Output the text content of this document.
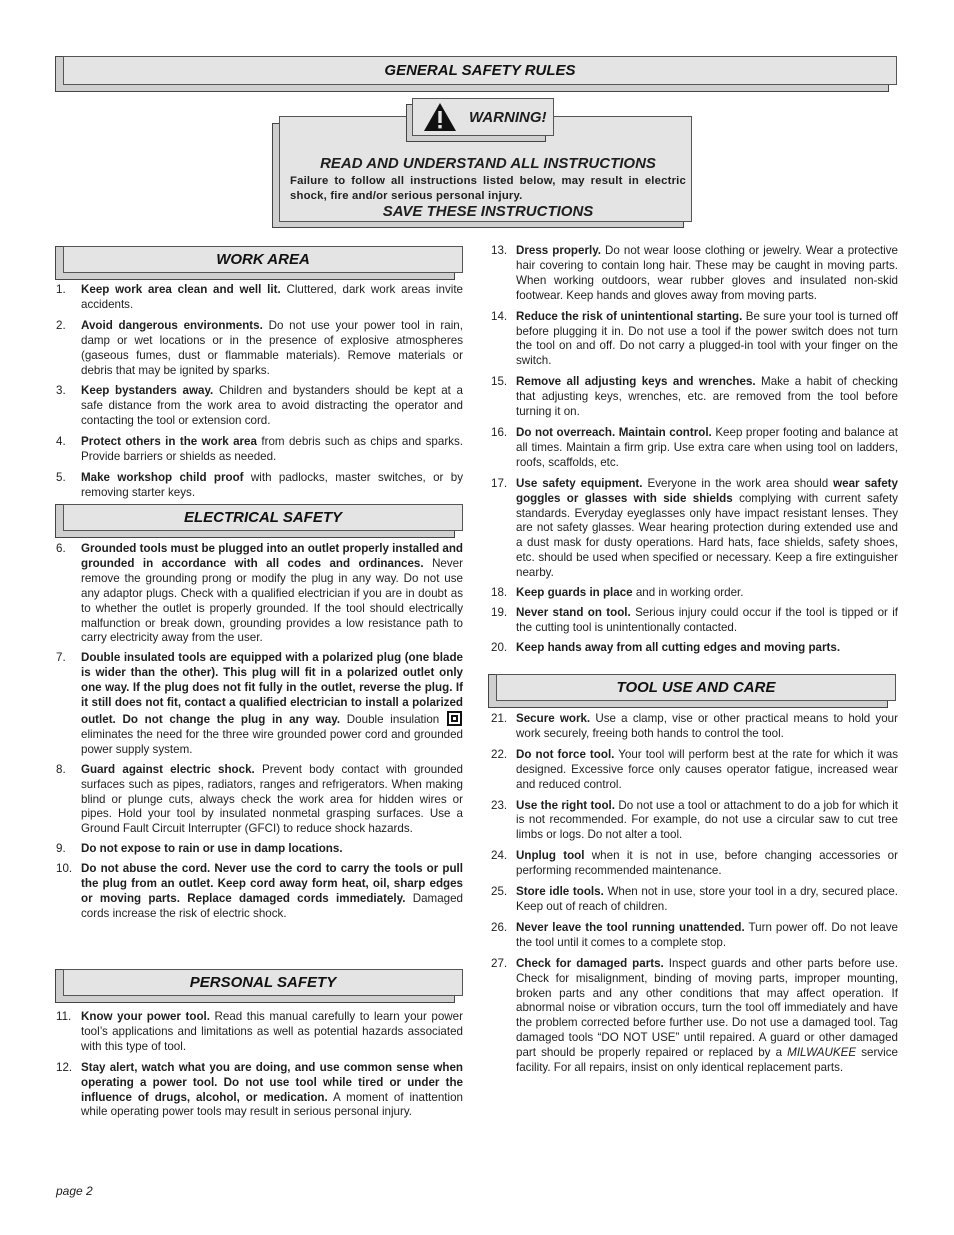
GENERAL SAFETY RULES
WARNING!
READ AND UNDERSTAND ALL INSTRUCTIONS
Failure to follow all instructions listed below, may result in electric shock, fire and/or serious personal injury.
SAVE THESE INSTRUCTIONS
WORK AREA
ELECTRICAL SAFETY
PERSONAL SAFETY
TOOL USE AND CARE
1. Keep work area clean and well lit. Cluttered, dark work areas invite accidents.
2. Avoid dangerous environments. Do not use your power tool in rain, damp or wet locations or in the presence of explosive atmospheres (gaseous fumes, dust or flammable materials). Remove materials or debris that may be ignited by sparks.
3. Keep bystanders away. Children and bystanders should be kept at a safe distance from the work area to avoid distracting the operator and contacting the tool or extension cord.
4. Protect others in the work area from debris such as chips and sparks. Provide barriers or shields as needed.
5. Make workshop child proof with padlocks, master switches, or by removing starter keys.
6. Grounded tools must be plugged into an outlet properly installed and grounded in accordance with all codes and ordinances. Never remove the grounding prong or modify the plug in any way. Do not use any adaptor plugs. Check with a qualified electrician if you are in doubt as to whether the outlet is properly grounded. If the tool should electrically malfunction or break down, grounding provides a low resistance path to carry electricity away from the user.
7. Double insulated tools are equipped with a polarized plug (one blade is wider than the other). This plug will fit in a polarized outlet only one way. If the plug does not fit fully in the outlet, reverse the plug. If it still does not fit, contact a qualified electrician to install a polarized outlet. Do not change the plug in any way. Double insulation  eliminates the need for the three wire grounded power cord and grounded power supply system.
8. Guard against electric shock. Prevent body contact with grounded surfaces such as pipes, radiators, ranges and refrigerators. When making blind or plunge cuts, always check the work area for hidden wires or pipes. Hold your tool by insulated nonmetal grasping surfaces. Use a Ground Fault Circuit Interrupter (GFCI) to reduce shock hazards.
9. Do not expose to rain or use in damp locations.
10. Do not abuse the cord. Never use the cord to carry the tools or pull the plug from an outlet. Keep cord away form heat, oil, sharp edges or moving parts. Replace damaged cords immediately. Damaged cords increase the risk of electric shock.
11. Know your power tool. Read this manual carefully to learn your power tool’s applications and limitations as well as potential hazards associated with this type of tool.
12. Stay alert, watch what you are doing, and use common sense when operating a power tool. Do not use tool while tired or under the influence of drugs, alcohol, or medication. A moment of inattention while operating power tools may result in serious personal injury.
13. Dress properly. Do not wear loose clothing or jewelry. Wear a protective hair covering to contain long hair. These may be caught in moving parts. When working outdoors, wear rubber gloves and insulated non-skid footwear. Keep hands and gloves away from moving parts.
14. Reduce the risk of unintentional starting. Be sure your tool is turned off before plugging it in. Do not use a tool if the power switch does not turn the tool on and off. Do not carry a plugged-in tool with your finger on the switch.
15. Remove all adjusting keys and wrenches. Make a habit of checking that adjusting keys, wrenches, etc. are removed from the tool before turning it on.
16. Do not overreach. Maintain control. Keep proper footing and balance at all times. Maintain a firm grip. Use extra care when using tool on ladders, roofs, scaffolds, etc.
17. Use safety equipment. Everyone in the work area should wear safety goggles or glasses with side shields complying with current safety standards. Everyday eyeglasses only have impact resistant lenses. They are not safety glasses. Wear hearing protection during extended use and a dust mask for dusty operations. Hard hats, face shields, safety shoes, etc. should be used when specified or necessary. Keep a fire extinguisher nearby.
18. Keep guards in place and in working order.
19. Never stand on tool. Serious injury could occur if the tool is tipped or if the cutting tool is unintentionally contacted.
20. Keep hands away from all cutting edges and moving parts.
21. Secure work. Use a clamp, vise or other practical means to hold your work securely, freeing both hands to control the tool.
22. Do not force tool. Your tool will perform best at the rate for which it was designed. Excessive force only causes operator fatigue, increased wear and reduced control.
23. Use the right tool. Do not use a tool or attachment to do a job for which it is not recommended. For example, do not use a circular saw to cut tree limbs or logs. Do not alter a tool.
24. Unplug tool when it is not in use, before changing accessories or performing recommended maintenance.
25. Store idle tools. When not in use, store your tool in a dry, secured place. Keep out of reach of children.
26. Never leave the tool running unattended. Turn power off. Do not leave the tool until it comes to a complete stop.
27. Check for damaged parts. Inspect guards and other parts before use. Check for misalignment, binding of moving parts, improper mounting, broken parts and any other conditions that may affect operation. If abnormal noise or vibration occurs, turn the tool off immediately and have the problem corrected before further use. Do not use a damaged tool. Tag damaged tools “DO NOT USE” until repaired. A guard or other damaged part should be properly repaired or replaced by a MILWAUKEE service facility. For all repairs, insist on only identical replacement parts.
page 2
